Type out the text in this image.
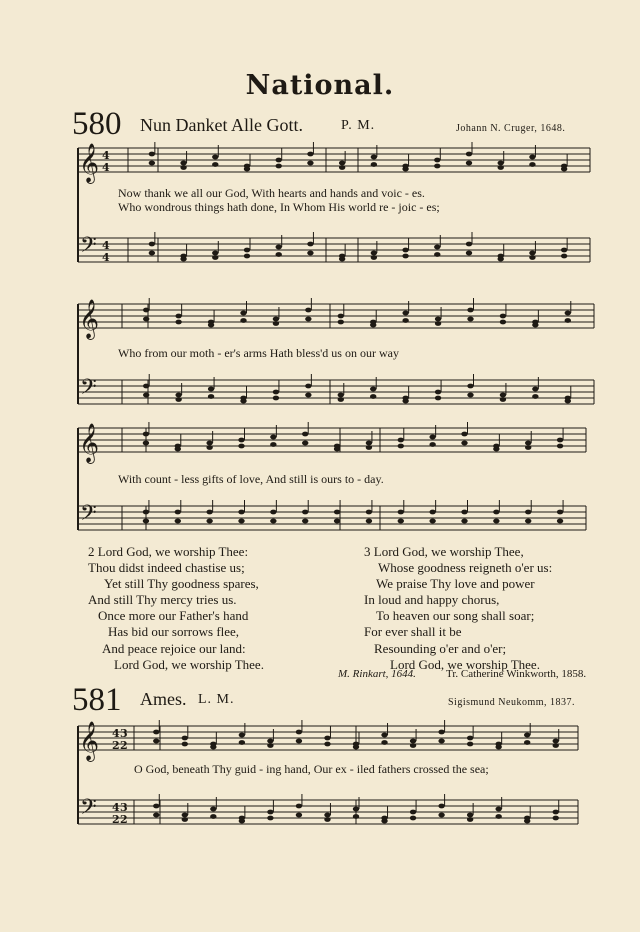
National.
580 Nun Danket Alle Gott.	P. M.	Johann N. Cruger, 1648.
Now thank we all our God, With hearts and hands and voic - es.
Who wondrous things hath done, In Whom His world re - joic - es;
Who from our moth - er's arms Hath bless'd us on our way
With count - less gifts of love, And still is ours to - day.
2 Lord God, we worship Thee:
Thou didst indeed chastise us;
Yet still Thy goodness spares,
And still Thy mercy tries us.
Once more our Father's hand
Has bid our sorrows flee,
And peace rejoice our land:
Lord God, we worship Thee.
3 Lord God, we worship Thee,
Whose goodness reigneth o'er us:
We praise Thy love and power
In loud and happy chorus,
To heaven our song shall soar;
For ever shall it be
Resounding o'er and o'er;
Lord God, we worship Thee.
M. Rinkart, 1644.	Tr. Catherine Winkworth, 1858.
581 Ames. L. M.	Sigismund Neukomm, 1837.
O God, beneath Thy guid - ing hand, Our ex - iled fathers crossed the sea;
𝄞
𝄢
4
4
4
4
𝄞
𝄢
𝄞
𝄢
𝄞
𝄢
4
2
3
2
4
2
3
2
